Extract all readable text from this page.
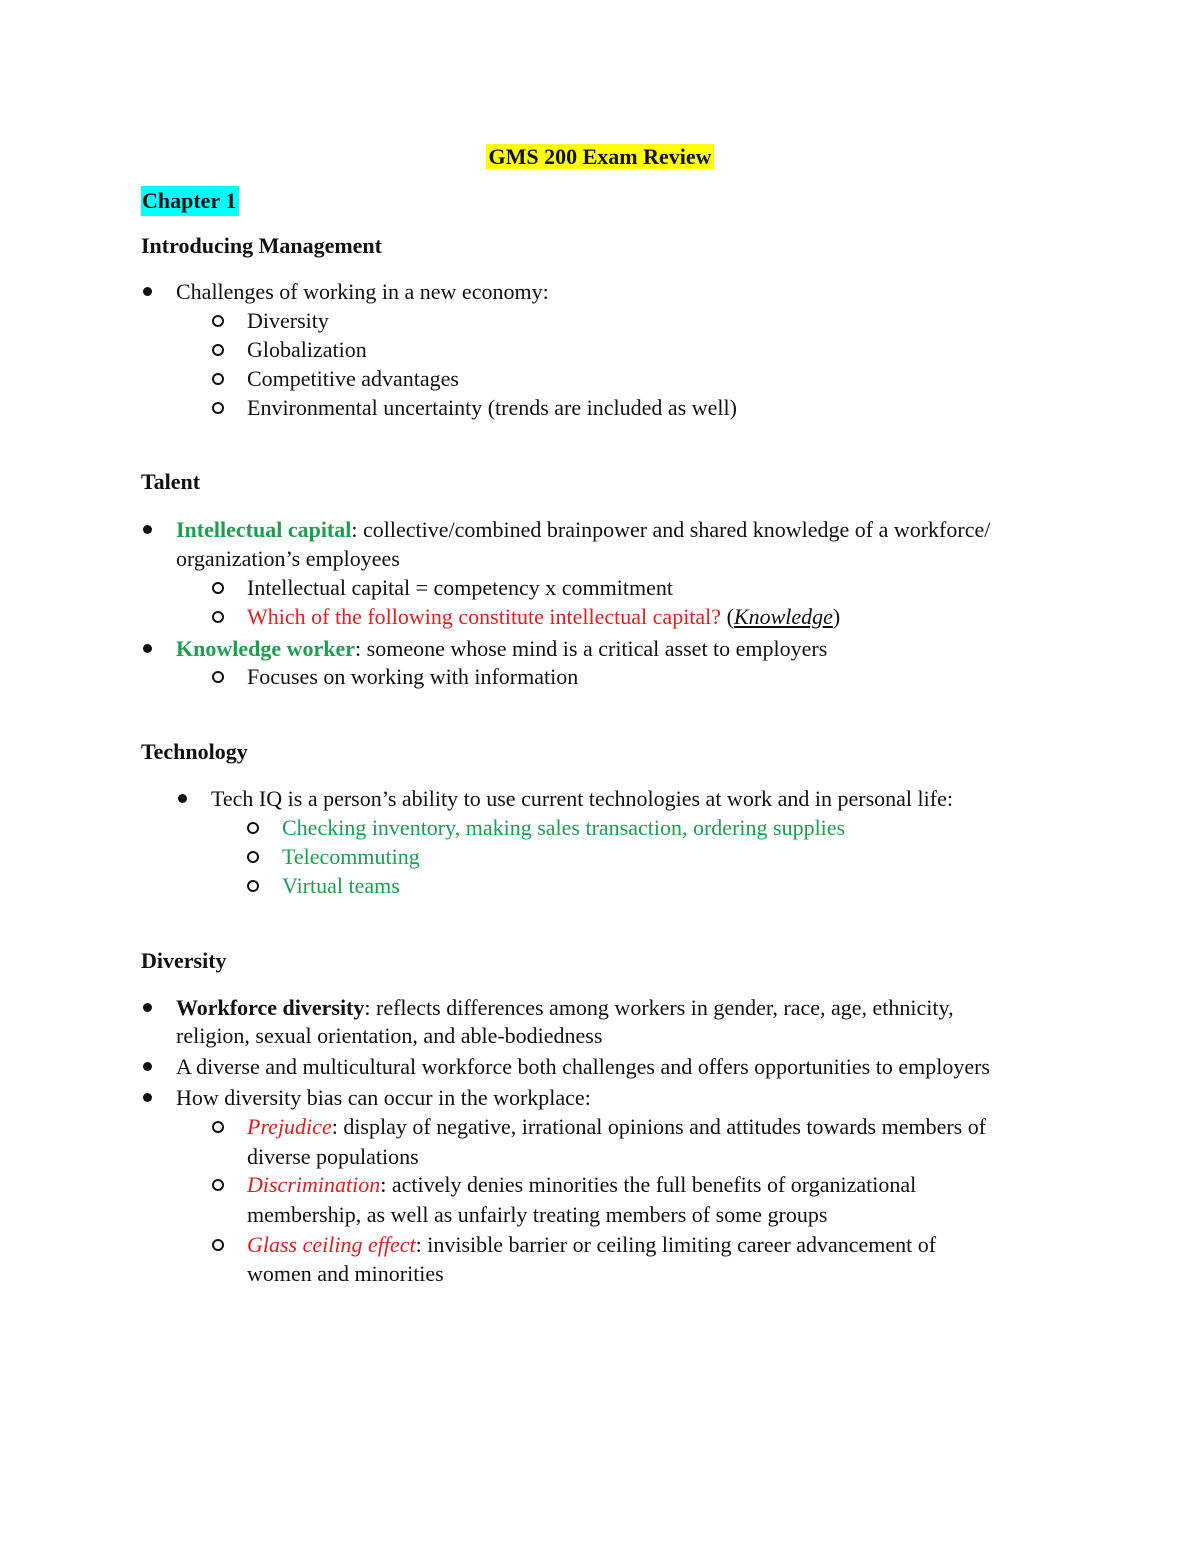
GMS 200 Exam Review
Chapter 1
Introducing Management
Challenges of working in a new economy:
Diversity
Globalization
Competitive advantages
Environmental uncertainty (trends are included as well)
Talent
Intellectual capital: collective/combined brainpower and shared knowledge of a workforce/
organization’s employees
Intellectual capital = competency x commitment
Which of the following constitute intellectual capital? (Knowledge)
Knowledge worker: someone whose mind is a critical asset to employers
Focuses on working with information
Technology
Tech IQ is a person’s ability to use current technologies at work and in personal life:
Checking inventory, making sales transaction, ordering supplies
Telecommuting
Virtual teams
Diversity
Workforce diversity: reflects differences among workers in gender, race, age, ethnicity,
religion, sexual orientation, and able-bodiedness
A diverse and multicultural workforce both challenges and offers opportunities to employers
How diversity bias can occur in the workplace:
Prejudice: display of negative, irrational opinions and attitudes towards members of
diverse populations
Discrimination: actively denies minorities the full benefits of organizational
membership, as well as unfairly treating members of some groups
Glass ceiling effect: invisible barrier or ceiling limiting career advancement of
women and minorities
